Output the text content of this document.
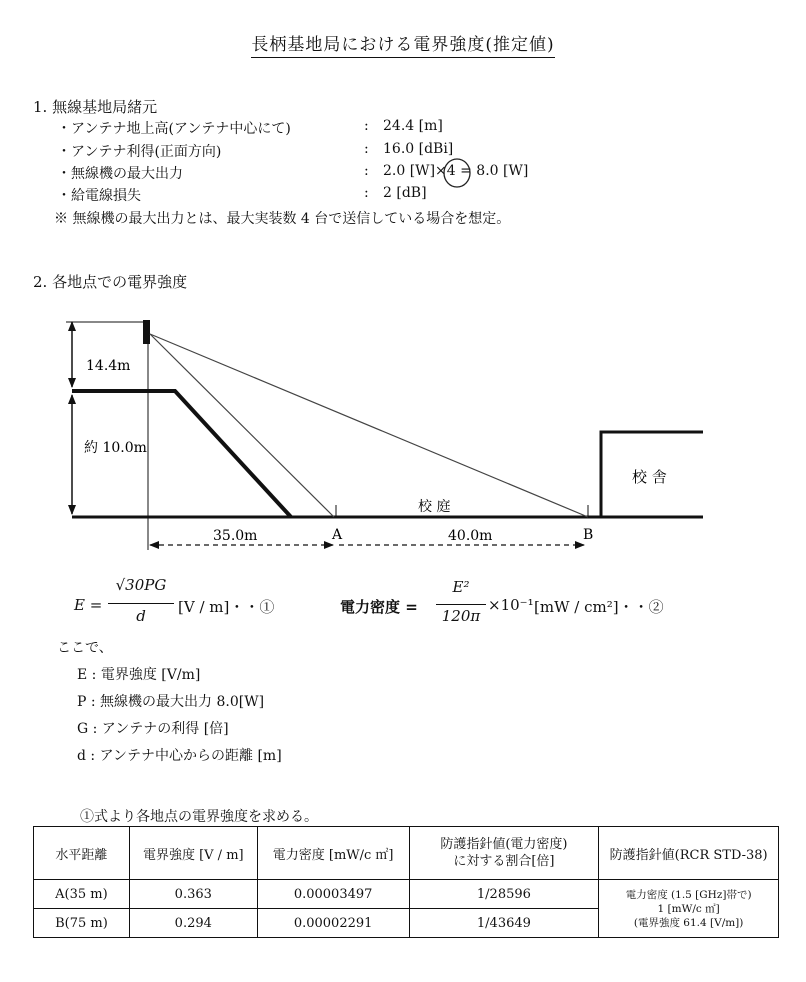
長柄基地局における電界強度(推定値)
1. 無線基地局緒元
・アンテナ地上高(アンテナ中心にて)	: 24.4 [m]
・アンテナ利得(正面方向)	: 16.0 [dBi]
・無線機の最大出力	: 2.0 [W]×4 = 8.0 [W]
・給電線損失	: 2 [dB]
※ 無線機の最大出力とは、最大実装数 4 台で送信している場合を想定。
2. 各地点での電界強度
14.4m
約 10.0m
校 舎
校 庭
A	B
35.0m	40.0m
E =
√30PG
d	[V / m]・・①	電力密度 =
E²
120π
×10⁻¹ [mW / cm²]・・②
ここで、
E : 電界強度 [V/m]
P : 無線機の最大出力 8.0[W]
G : アンテナの利得 [倍]
d : アンテナ中心からの距離 [m]
①式より各地点の電界強度を求める。
水平距離	電界強度 [V / m]	電力密度 [mW/c ㎡]	防護指針値(電力密度)
に対する割合[倍]	防護指針値(RCR STD-38)
A(35 m)	0.363	0.00003497	1/28596	電力密度 (1.5 [GHz]帯で)
1 [mW/c ㎡]
(電界強度 61.4 [V/m])

B(75 m)	0.294	0.00002291	1/43649	
